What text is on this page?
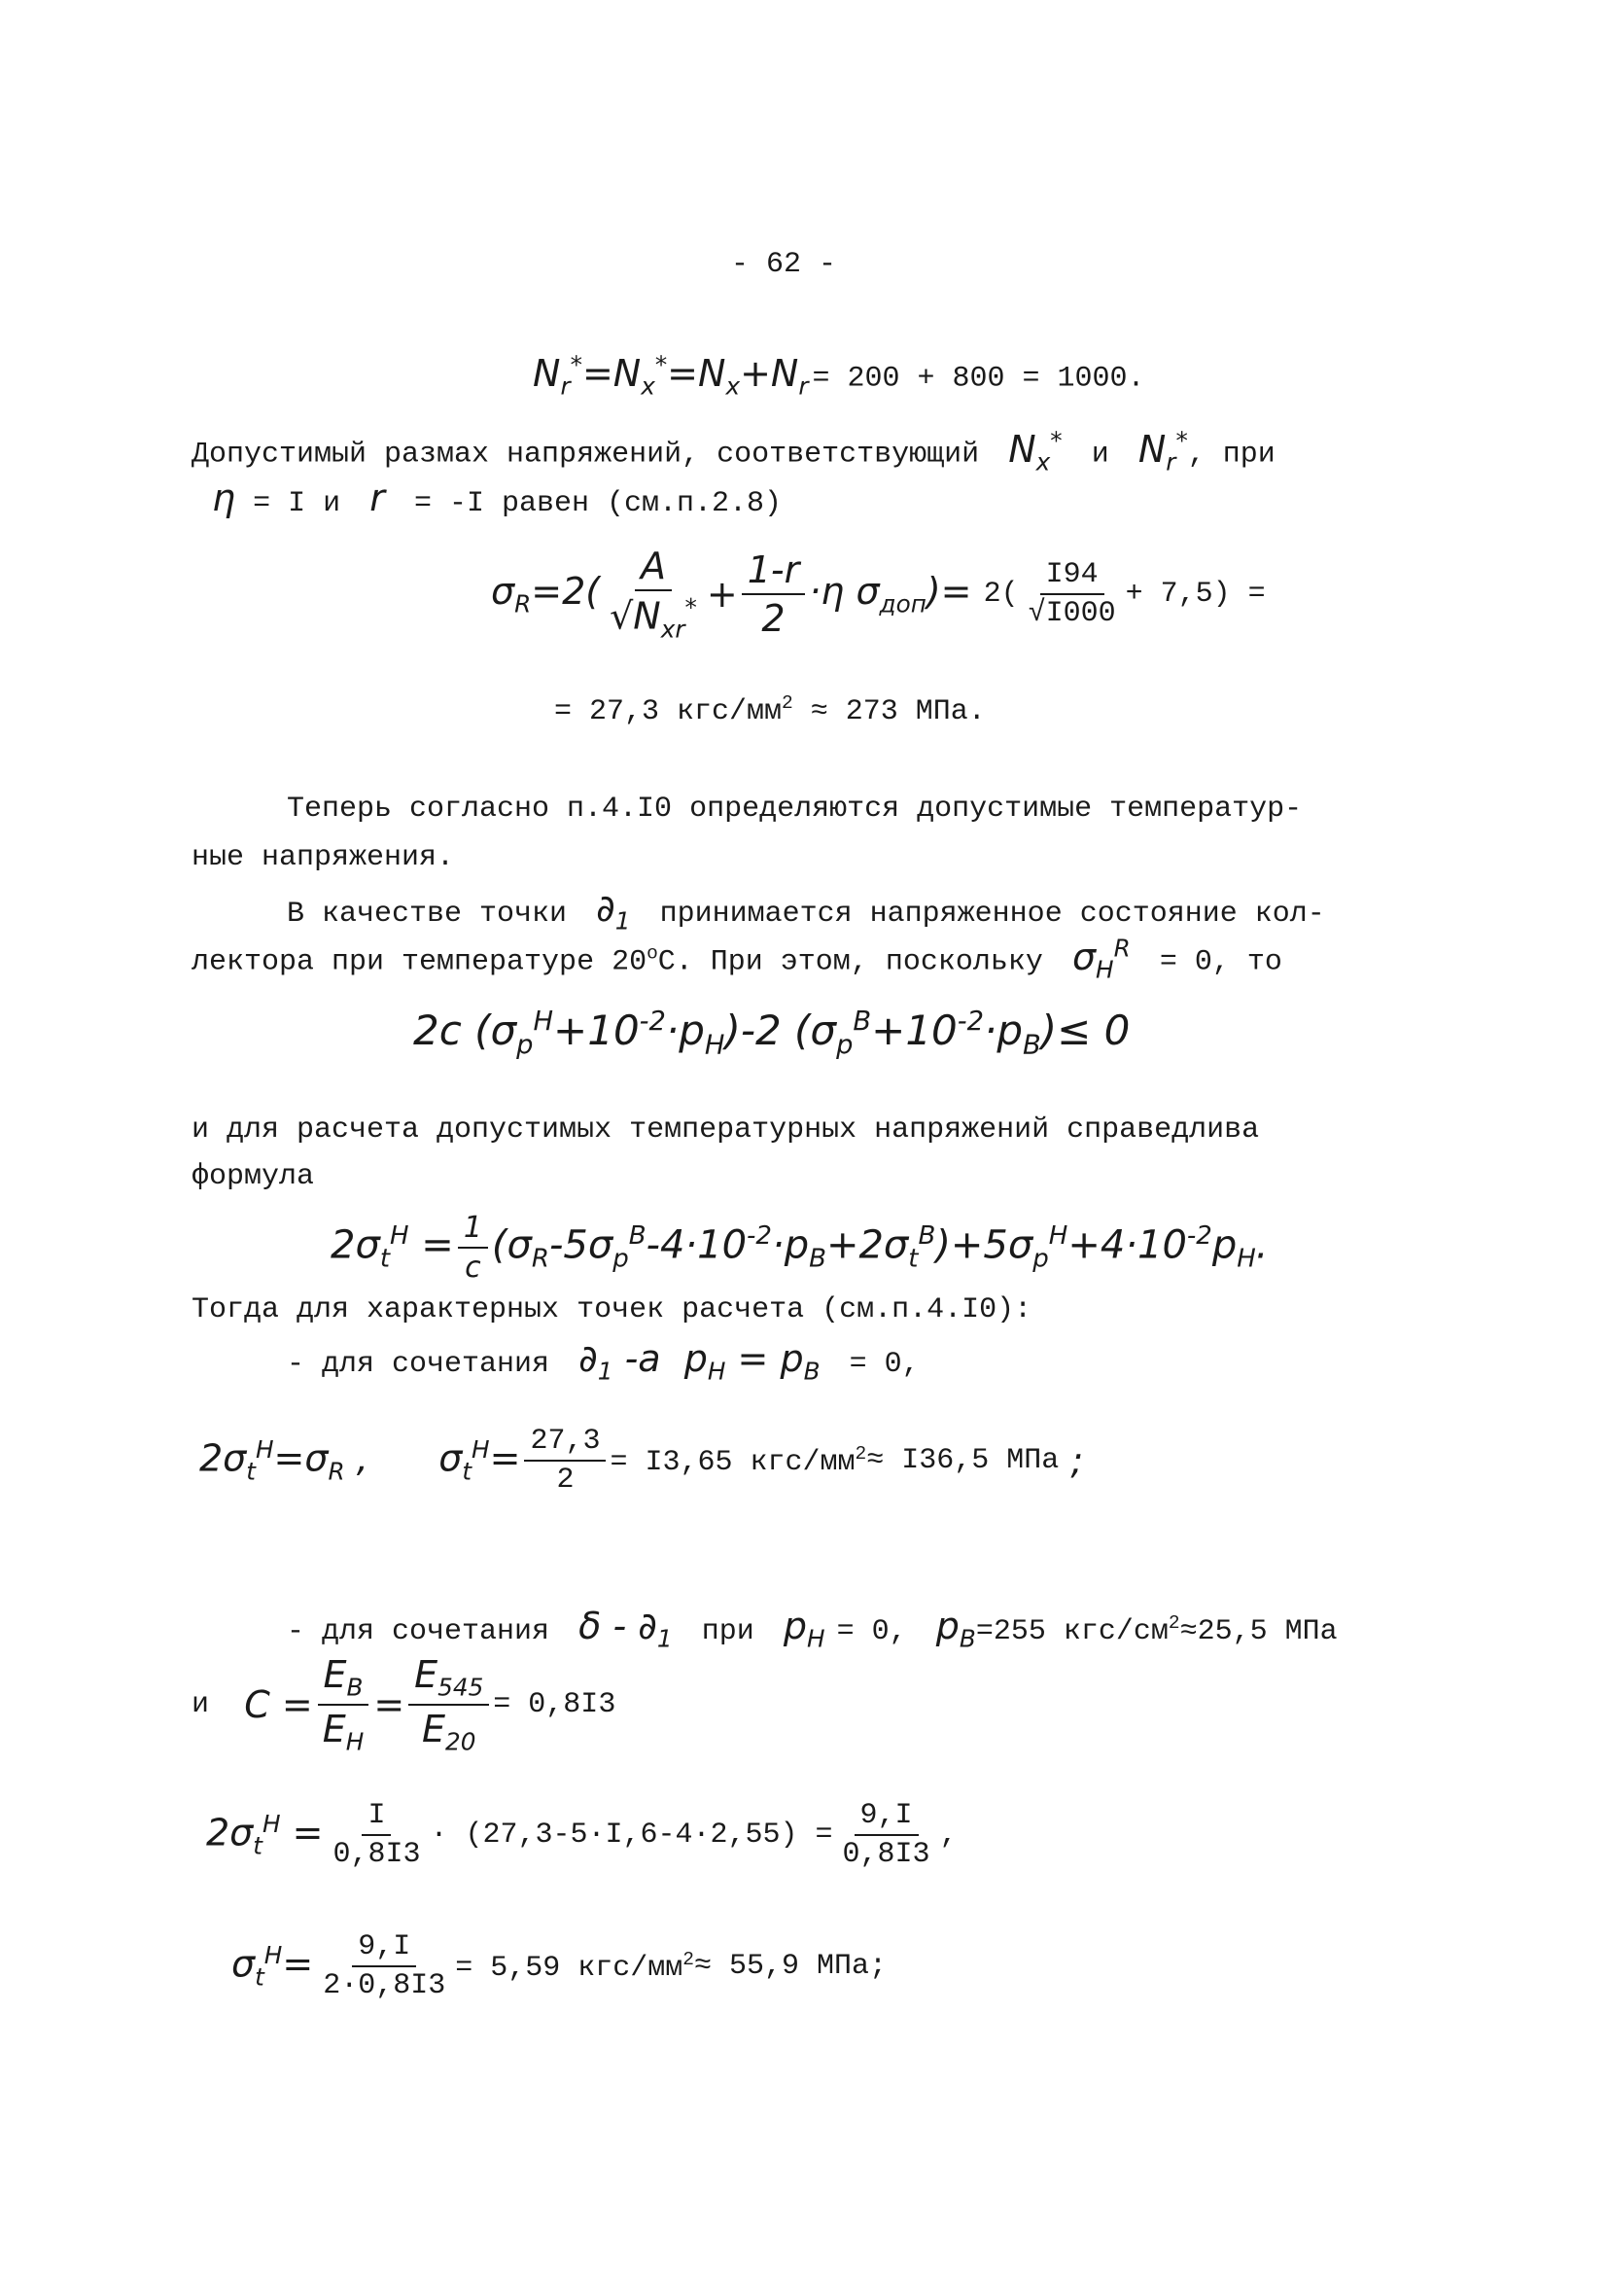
- 62 -
$N_r^*=N_x^*=N_x+N_r = 200 + 800 = 1000$.
Допустимый размах напряжений, соответствующий  $N_x^*$ и  $N_r^*$, при
η = I и  r  = -I равен (см.п.2.8)
$\sigma_R=2( \frac{A}{√N_{xr}^*} + \frac{1-r}{2} \cdot\eta$ $\sigma_{доп})= 2( \frac{I94}{√I000} + 7,5)$ =
= 27,3 кгс/$мм^2 \approx 273$ МПа.
Теперь согласно п.4.I0 определяются допустимые температур-
ные напряжения.
В качестве точки  $\partial_1$ принимается напряженное состояние кол-
лектора при температуре 20$^o$С. При этом, поскольку  $\sigma_H^R = 0$, то
2c $(\sigma_p^H+10^{-2}\cdot p_H)-2$ $(\sigma_p^B+10^{-2}\cdot p_B)\le 0$
и для расчета допустимых температурных напряжений справедлива
формула
$2\sigma_t^H = \frac{1}{c} (\sigma_R-5\sigma_p^B-4\cdot 10^{-2}\cdot p_B+2\sigma_t^B)+5\sigma_p^H+4\cdot 10^{-2}p_H$.
Тогда для характерных точек расчета (см.п.4.I0):
- для сочетания  $\partial_1$ -a  $p_H = p_B = 0$,
$2\sigma_t^H=\sigma_R$ ,      $\sigma_t^H= \frac{27,3}{2} = I3,65$ кгс/$мм^2 \approx I36,5$ МПа ;
- для сочетания  δ - $\partial_1$ при  $p_H = 0$,  $p_B=255$ кгс/$см^2\approx 25,5$ МПа
и $C = \frac{E_B}{E_H} = \frac{E_{545}}{E_{20}} = 0,8I3$
$2\sigma_t^H = \frac{I}{0,8I3} \cdot (27,3-5\cdot I,6-4\cdot 2,55) = \frac{9,I}{0,8I3}$ ,
$\sigma_t^H= \frac{9,I}{2\cdot 0,8I3} = 5,59$ кгс/$мм^2 \approx 55,9$ МПа;
